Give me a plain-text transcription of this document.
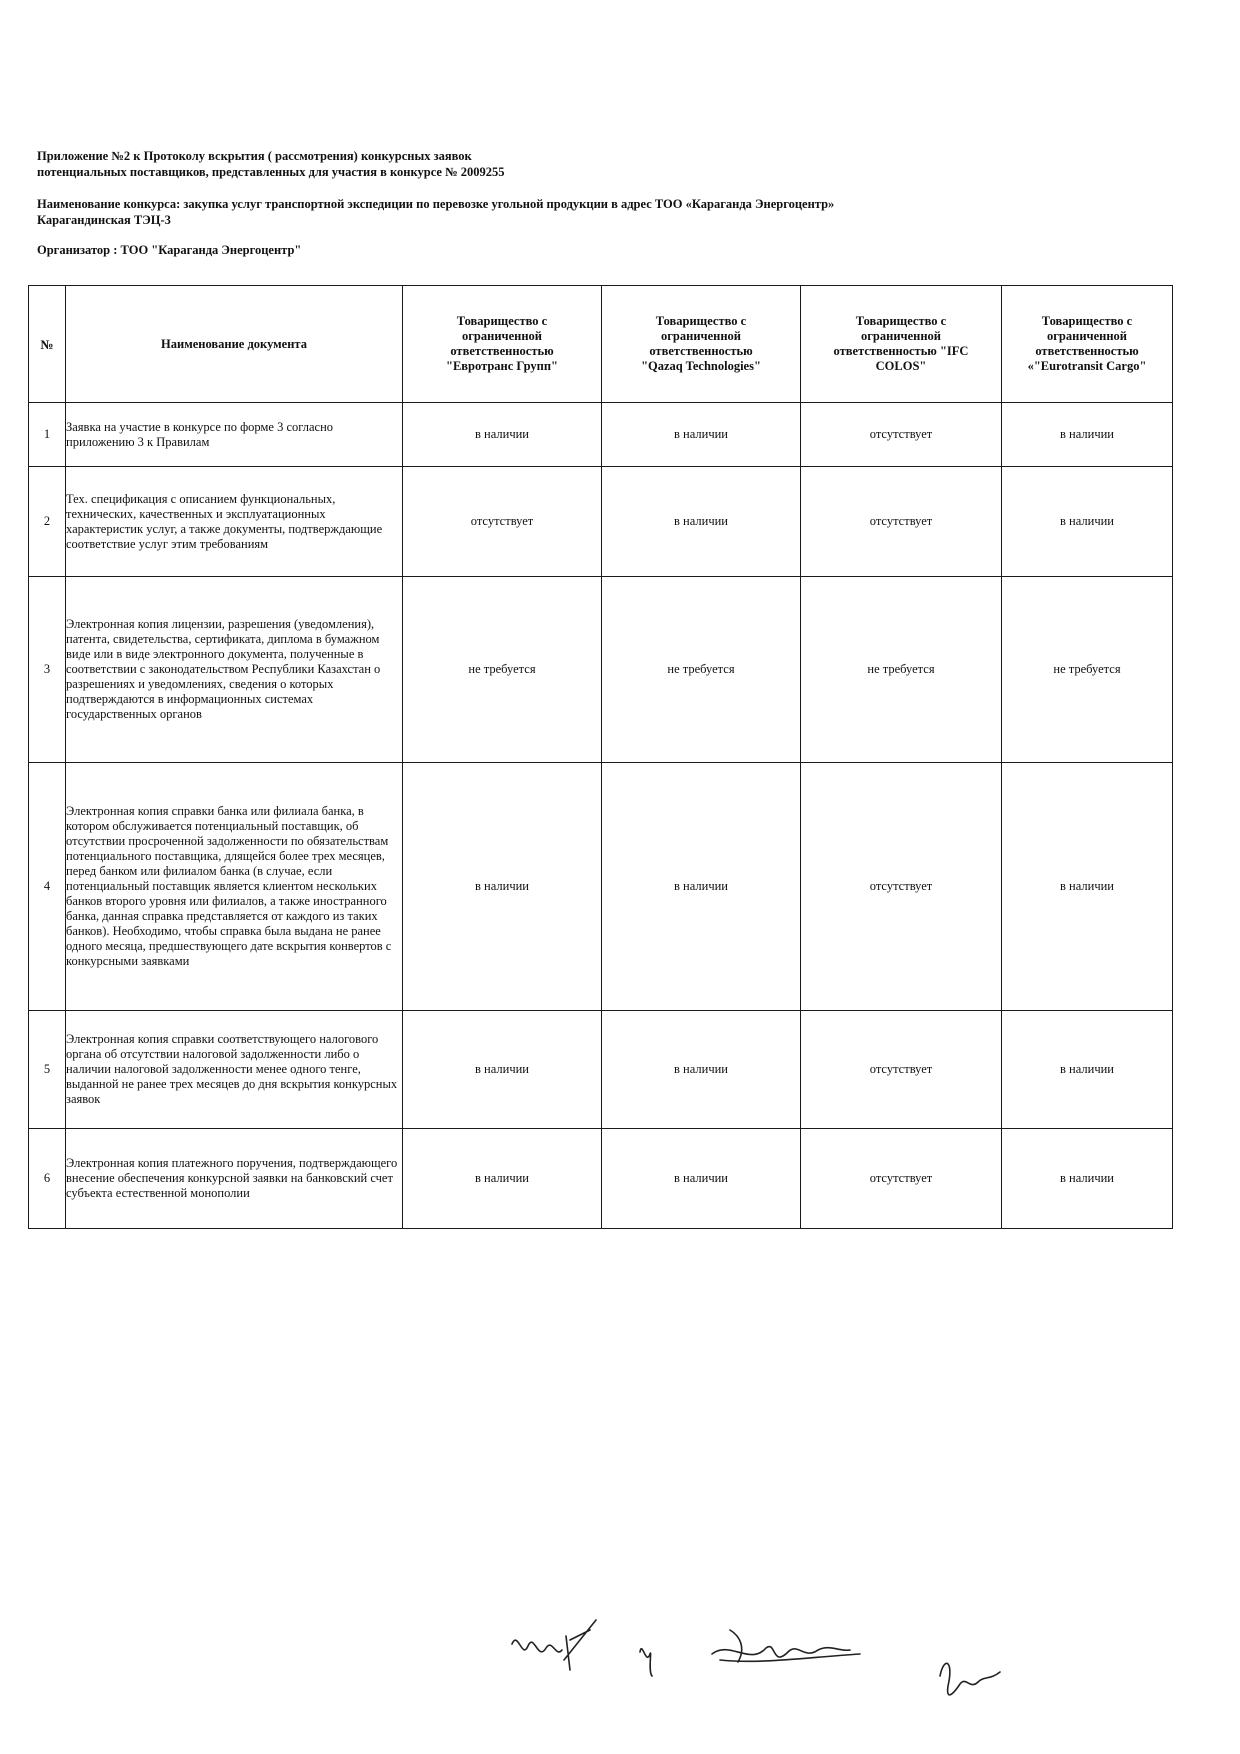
Приложение №2 к Протоколу вскрытия ( рассмотрения) конкурсных заявок

потенциальных поставщиков, представленных для участия в конкурсе № 2009255

Наименование конкурса: закупка услуг транспортной экспедиции по перевозке угольной продукции в адрес ТОО «Караганда Энергоцентр»

Карагандинская ТЭЦ-3

Организатор : ТОО "Караганда Энергоцентр"

№	Наименование документа	Товарищество с ограниченной ответственностью "Евротранс Групп"	Товарищество с ограниченной ответственностью "Qazaq Technologies"	Товарищество с ограниченной ответственностью "IFC COLOS"	Товарищество с ограниченной ответственностью «"Eurotransit Cargo"
1	Заявка на участие в конкурсе по форме 3 согласно приложению 3 к Правилам	в наличии	в наличии	отсутствует	в наличии
2	Тех. спецификация с описанием функциональных, технических, качественных и эксплуатационных характеристик услуг, а также документы, подтверждающие соответствие услуг этим требованиям	отсутствует	в наличии	отсутствует	в наличии
3	Электронная копия лицензии, разрешения (уведомления), патента, свидетельства, сертификата, диплома в бумажном виде или в виде электронного документа, полученные в соответствии с законодательством Республики Казахстан о разрешениях и уведомлениях, сведения о которых подтверждаются в информационных системах государственных органов	не требуется	не требуется	не требуется	не требуется
4	Электронная копия справки банка или филиала банка, в котором обслуживается потенциальный поставщик, об отсутствии просроченной задолженности по обязательствам потенциального поставщика, длящейся более трех месяцев, перед банком или филиалом банка (в случае, если потенциальный поставщик является клиентом нескольких банков второго уровня или филиалов, а также иностранного банка, данная справка представляется от каждого из таких банков). Необходимо, чтобы справка была выдана не ранее одного месяца, предшествующего дате вскрытия конвертов с конкурсными заявками	в наличии	в наличии	отсутствует	в наличии
5	Электронная копия справки соответствующего налогового органа об отсутствии налоговой задолженности либо о наличии налоговой задолженности менее одного тенге, выданной не ранее трех месяцев до дня вскрытия конкурсных заявок	в наличии	в наличии	отсутствует	в наличии
6	Электронная копия платежного поручения, подтверждающего внесение обеспечения конкурсной заявки на банковский счет субъекта естественной монополии	в наличии	в наличии	отсутствует	в наличии
